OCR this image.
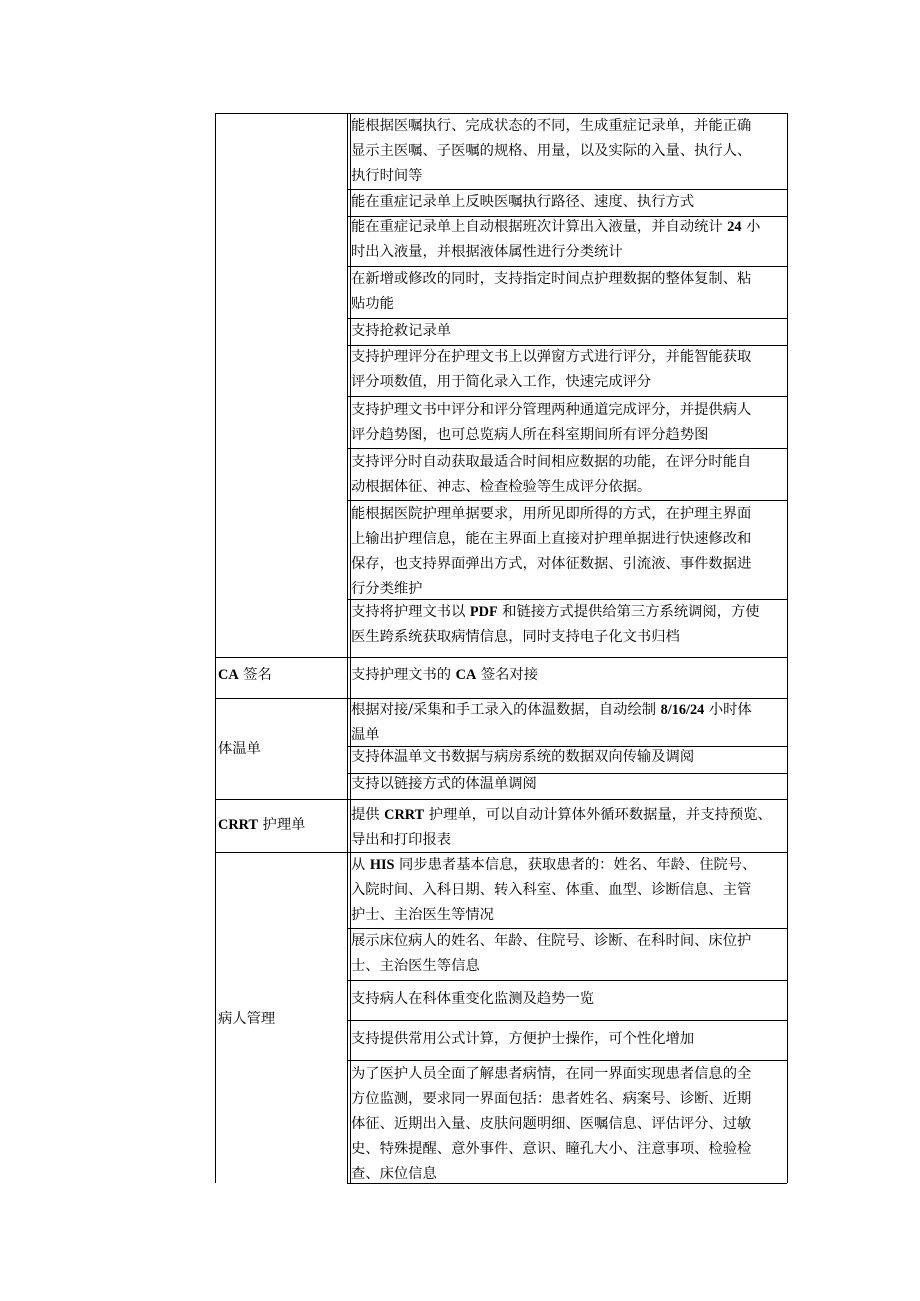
能根据医嘱执行、完成状态的不同，生成重症记录单，并能正确
显示主医嘱、子医嘱的规格、用量，以及实际的入量、执行人、
执行时间等
能在重症记录单上反映医嘱执行路径、速度、执行方式
能在重症记录单上自动根据班次计算出入液量，并自动统计 24 小
时出入液量，并根据液体属性进行分类统计
在新增或修改的同时，支持指定时间点护理数据的整体复制、粘
贴功能
支持抢救记录单
支持护理评分在护理文书上以弹窗方式进行评分，并能智能获取
评分项数值，用于简化录入工作，快速完成评分
支持护理文书中评分和评分管理两种通道完成评分，并提供病人
评分趋势图，也可总览病人所在科室期间所有评分趋势图
支持评分时自动获取最适合时间相应数据的功能，在评分时能自
动根据体征、神志、检查检验等生成评分依据。
能根据医院护理单据要求，用所见即所得的方式，在护理主界面
上输出护理信息，能在主界面上直接对护理单据进行快速修改和
保存，也支持界面弹出方式，对体征数据、引流液、事件数据进
行分类维护
支持将护理文书以 PDF 和链接方式提供给第三方系统调阅，方使
医生跨系统获取病情信息，同时支持电子化文书归档
CA 签名	支持护理文书的 CA 签名对接
体温单
根据对接/采集和手工录入的体温数据，自动绘制 8/16/24 小时体
温单
支持体温单文书数据与病房系统的数据双向传输及调阅
支持以链接方式的体温单调阅
CRRT 护理单
提供 CRRT 护理单，可以自动计算体外循环数据量，并支持预览、
导出和打印报表
病人管理
从 HIS 同步患者基本信息，获取患者的：姓名、年龄、住院号、
入院时间、入科日期、转入科室、体重、血型、诊断信息、主管
护士、主治医生等情况
展示床位病人的姓名、年龄、住院号、诊断、在科时间、床位护
士、主治医生等信息
支持病人在科体重变化监测及趋势一览
支持提供常用公式计算，方便护士操作，可个性化增加
为了医护人员全面了解患者病情，在同一界面实现患者信息的全
方位监测，要求同一界面包括：患者姓名、病案号、诊断、近期
体征、近期出入量、皮肤问题明细、医嘱信息、评估评分、过敏
史、特殊提醒、意外事件、意识、瞳孔大小、注意事项、检验检
查、床位信息
